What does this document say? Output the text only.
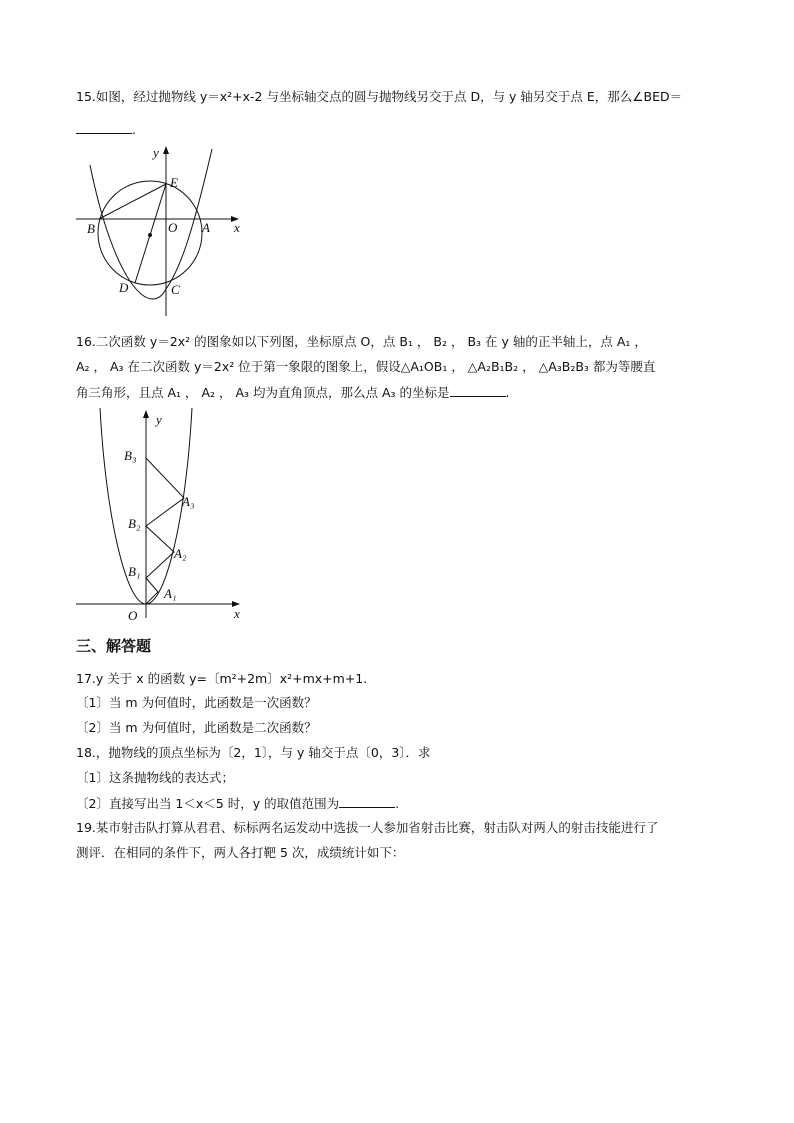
15.如图，经过抛物线 y＝x²+x-2 与坐标轴交点的圆与抛物线另交于点 D，与 y 轴另交于点 E，那么∠BED＝
.
y
x
E
B	O A
D	C
16.二次函数 y＝2x² 的图象如以下列图，坐标原点 O，点 B₁ ， B₂ ， B₃ 在 y 轴的正半轴上，点 A₁ ，
A₂ ， A₃ 在二次函数 y＝2x² 位于第一象限的图象上，假设△A₁OB₁ ， △A₂B₁B₂ ， △A₃B₂B₃ 都为等腰直
角三角形，且点 A₁ ， A₂ ， A₃ 均为直角顶点，那么点 A₃ 的坐标是	.
y
x
O
B₃
B₂
B₁
A₃
A₂
A₁
三、解答题
17.y 关于 x 的函数 y=〔m²+2m〕x²+mx+m+1.
〔1〕当 m 为何值时，此函数是一次函数？
〔2〕当 m 为何值时，此函数是二次函数？
18.，抛物线的顶点坐标为〔2，1〕，与 y 轴交于点〔0，3〕．求
〔1〕这条抛物线的表达式；
〔2〕直接写出当 1＜x＜5 时，y 的取值范围为	.
19.某市射击队打算从君君、标标两名运发动中选拔一人参加省射击比赛，射击队对两人的射击技能进行了
测评．在相同的条件下，两人各打靶 5 次，成绩统计如下：
